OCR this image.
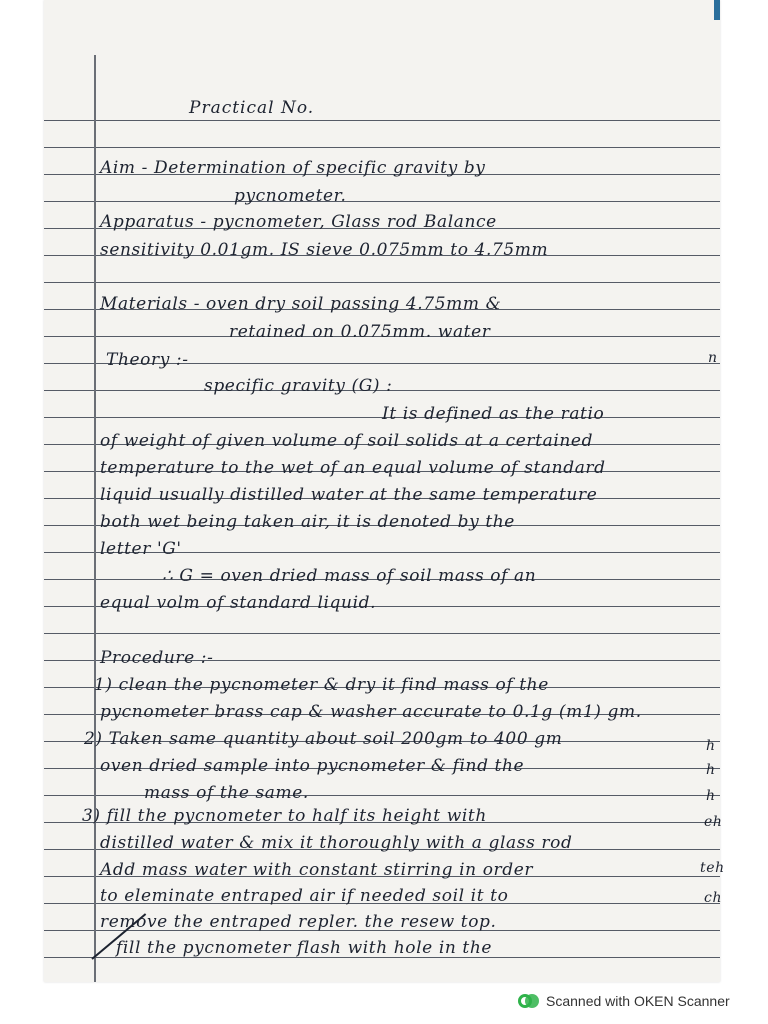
Practical No.
Aim - Determination of specific gravity by
pycnometer.
Apparatus - pycnometer, Glass rod Balance
sensitivity 0.01gm. IS sieve 0.075mm to 4.75mm
Materials - oven dry soil passing 4.75mm &
retained on 0.075mm. water
Theory :-
specific gravity (G) :
It is defined as the ratio
of weight of given volume of soil solids at a certained
temperature to the wet of an equal volume of standard
liquid usually distilled water at the same temperature
both wet being taken air, it is denoted by the
letter 'G'
∴ G = oven dried mass of soil mass of an
equal volm of standard liquid.
Procedure :-
1) clean the pycnometer & dry it find mass of the
pycnometer brass cap & washer accurate to 0.1g (m1) gm.
2) Taken same quantity about soil 200gm to 400 gm
oven dried sample into pycnometer & find the
mass of the same.
3) fill the pycnometer to half its height with
distilled water & mix it thoroughly with a glass rod
Add mass water with constant stirring in order
to eleminate entraped air if needed soil it to
remove the entraped repler. the resew top.
fill the pycnometer flash with hole in the
n
h
h
h
eh
teh
ch
Scanned with OKEN Scanner
